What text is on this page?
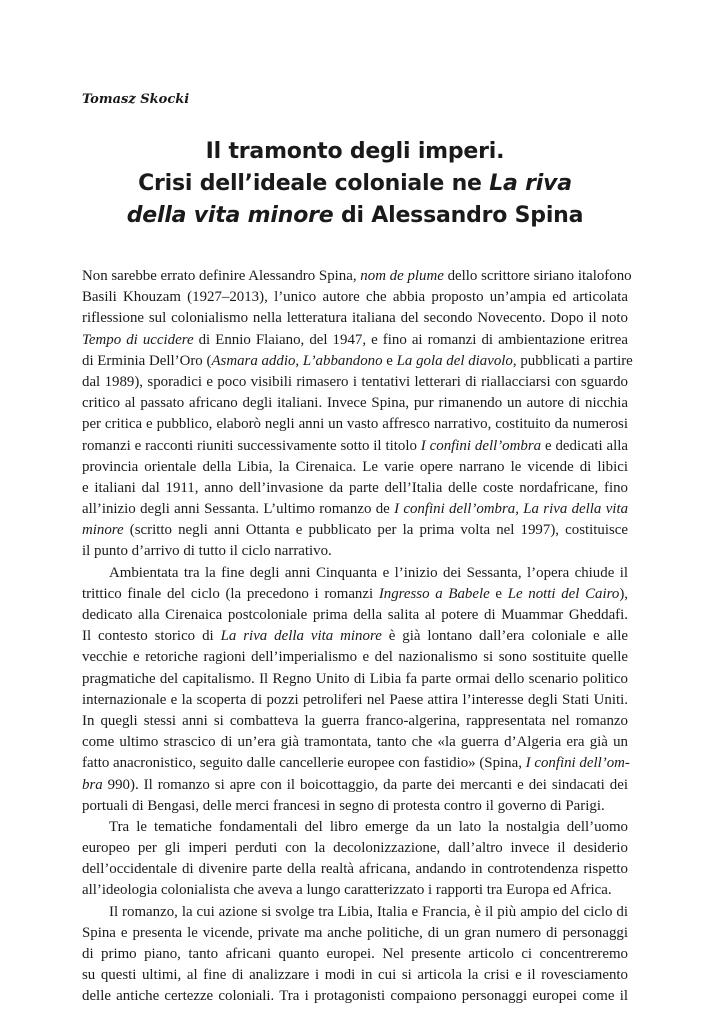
Tomasz Skocki
Il tramonto degli imperi.
Crisi dell’ideale coloniale ne La riva
della vita minore di Alessandro Spina
Non sarebbe errato definire Alessandro Spina, nom de plume dello scrittore siriano italofono
Basili Khouzam (1927–2013), l’unico autore che abbia proposto un’ampia ed articolata
riflessione sul colonialismo nella letteratura italiana del secondo Novecento. Dopo il noto
Tempo di uccidere di Ennio Flaiano, del 1947, e fino ai romanzi di ambientazione eritrea
di Erminia Dell’Oro (Asmara addio, L’abbandono e La gola del diavolo, pubblicati a partire
dal 1989), sporadici e poco visibili rimasero i tentativi letterari di riallacciarsi con sguardo
critico al passato africano degli italiani. Invece Spina, pur rimanendo un autore di nicchia
per critica e pubblico, elaborò negli anni un vasto affresco narrativo, costituito da numerosi
romanzi e racconti riuniti successivamente sotto il titolo I confini dell’ombra e dedicati alla
provincia orientale della Libia, la Cirenaica. Le varie opere narrano le vicende di libici
e italiani dal 1911, anno dell’invasione da parte dell’Italia delle coste nordafricane, fino
all’inizio degli anni Sessanta. L’ultimo romanzo de I confini dell’ombra, La riva della vita
minore (scritto negli anni Ottanta e pubblicato per la prima volta nel 1997), costituisce
il punto d’arrivo di tutto il ciclo narrativo.
Ambientata tra la fine degli anni Cinquanta e l’inizio dei Sessanta, l’opera chiude il
trittico finale del ciclo (la precedono i romanzi Ingresso a Babele e Le notti del Cairo),
dedicato alla Cirenaica postcoloniale prima della salita al potere di Muammar Gheddafi.
Il contesto storico di La riva della vita minore è già lontano dall’era coloniale e alle
vecchie e retoriche ragioni dell’imperialismo e del nazionalismo si sono sostituite quelle
pragmatiche del capitalismo. Il Regno Unito di Libia fa parte ormai dello scenario politico
internazionale e la scoperta di pozzi petroliferi nel Paese attira l’interesse degli Stati Uniti.
In quegli stessi anni si combatteva la guerra franco-algerina, rappresentata nel romanzo
come ultimo strascico di un’era già tramontata, tanto che «la guerra d’Algeria era già un
fatto anacronistico, seguito dalle cancellerie europee con fastidio» (Spina, I confini dell’om-
bra 990). Il romanzo si apre con il boicottaggio, da parte dei mercanti e dei sindacati dei
portuali di Bengasi, delle merci francesi in segno di protesta contro il governo di Parigi.
Tra le tematiche fondamentali del libro emerge da un lato la nostalgia dell’uomo
europeo per gli imperi perduti con la decolonizzazione, dall’altro invece il desiderio
dell’occidentale di divenire parte della realtà africana, andando in controtendenza rispetto
all’ideologia colonialista che aveva a lungo caratterizzato i rapporti tra Europa ed Africa.
Il romanzo, la cui azione si svolge tra Libia, Italia e Francia, è il più ampio del ciclo di
Spina e presenta le vicende, private ma anche politiche, di un gran numero di personaggi
di primo piano, tanto africani quanto europei. Nel presente articolo ci concentreremo
su questi ultimi, al fine di analizzare i modi in cui si articola la crisi e il rovesciamento
delle antiche certezze coloniali. Tra i protagonisti compaiono personaggi europei come il
